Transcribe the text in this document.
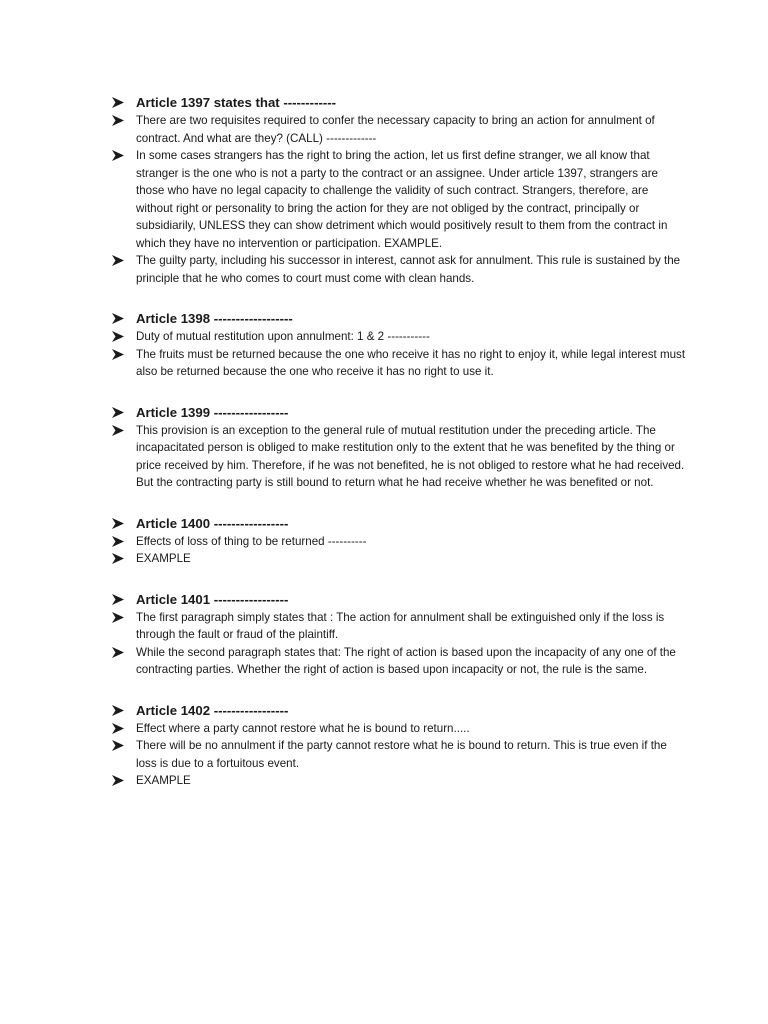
Article 1397 states that ------------
There are two requisites required to confer the necessary capacity to bring an action for annulment of contract. And what are they? (CALL) -------------
In some cases strangers has the right to bring the action, let us first define stranger, we all know that stranger is the one who is not a party to the contract or an assignee. Under article 1397, strangers are those who have no legal capacity to challenge the validity of such contract. Strangers, therefore, are without right or personality to bring the action for they are not obliged by the contract, principally or subsidiarily, UNLESS they can show detriment which would positively result to them from the contract in which they have no intervention or participation. EXAMPLE.
The guilty party, including his successor in interest, cannot ask for annulment. This rule is sustained by the principle that he who comes to court must come with clean hands.
Article 1398 ------------------
Duty of mutual restitution upon annulment: 1 & 2 -----------
The fruits must be returned because the one who receive it has no right to enjoy it, while legal interest must also be returned because the one who receive it has no right to use it.
Article 1399 -----------------
This provision is an exception to the general rule of mutual restitution under the preceding article. The incapacitated person is obliged to make restitution only to the extent that he was benefited by the thing or price received by him. Therefore, if he was not benefited, he is not obliged to restore what he had received. But the contracting party is still bound to return what he had receive whether he was benefited or not.
Article 1400 -----------------
Effects of loss of thing to be returned ----------
EXAMPLE
Article 1401 -----------------
The first paragraph simply states that : The action for annulment shall be extinguished only if the loss is through the fault or fraud of the plaintiff.
While the second paragraph states that: The right of action is based upon the incapacity of any one of the contracting parties. Whether the right of action is based upon incapacity or not, the rule is the same.
Article 1402 -----------------
Effect where a party cannot restore what he is bound to return.....
There will be no annulment if the party cannot restore what he is bound to return. This is true even if the loss is due to a fortuitous event.
EXAMPLE
